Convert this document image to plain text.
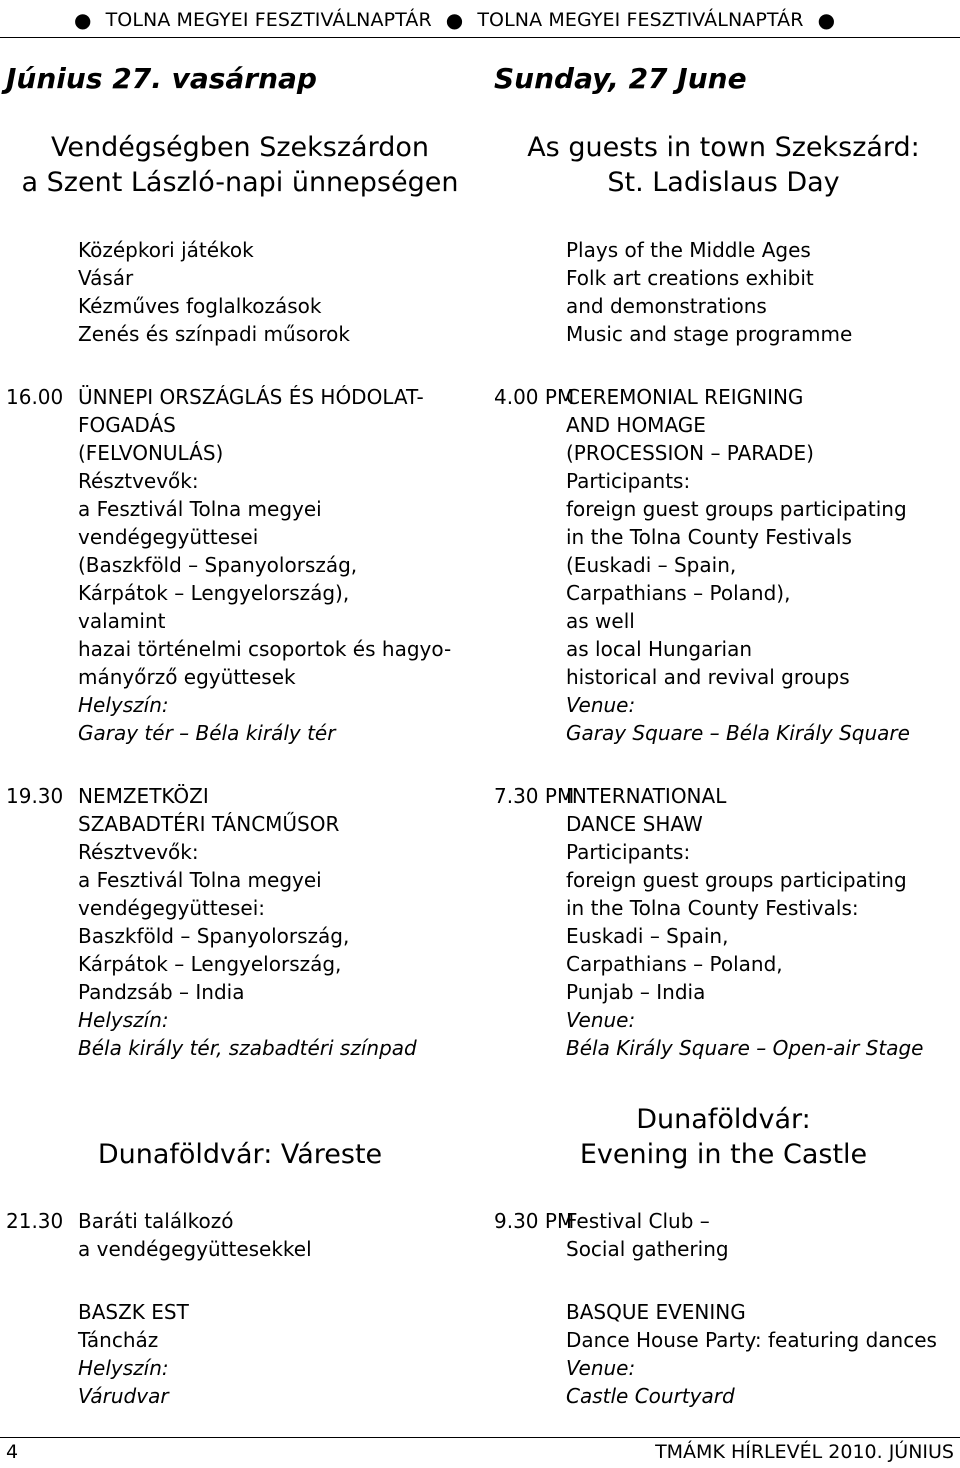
● TOLNA MEGYEI FESZTIVÁLNAPTÁR ● TOLNA MEGYEI FESZTIVÁLNAPTÁR ●
Június 27. vasárnap	Sunday, 27 June
Vendégségben Szekszárdon
a Szent László-napi ünnepségen
As guests in town Szekszárd:
St. Ladislaus Day
Középkori játékok
Vásár
Kézműves foglalkozások
Zenés és színpadi műsorok
Plays of the Middle Ages
Folk art creations exhibit
and demonstrations
Music and stage programme
16.00 ÜNNEPI ORSZÁGLÁS ÉS HÓDOLAT-
FOGADÁS
(FELVONULÁS)
Résztvevők:
a Fesztivál Tolna megyei
vendégegyüttesei
(Baszkföld – Spanyolország,
Kárpátok – Lengyelország),
valamint
hazai történelmi csoportok és hagyo-
mányőrző együttesek
Helyszín:
Garay tér – Béla király tér
4.00 PM
CEREMONIAL REIGNING
AND HOMAGE
(PROCESSION – PARADE)
Participants:
foreign guest groups participating
in the Tolna County Festivals
(Euskadi – Spain,
Carpathians – Poland),
as well
as local Hungarian
historical and revival groups
Venue:
Garay Square – Béla Király Square
19.30 NEMZETKÖZI
SZABADTÉRI TÁNCMŰSOR
Résztvevők:
a Fesztivál Tolna megyei
vendégegyüttesei:
Baszkföld – Spanyolország,
Kárpátok – Lengyelország,
Pandzsáb – India
Helyszín:
Béla király tér, szabadtéri színpad
7.30 PM
INTERNATIONAL
DANCE SHAW
Participants:
foreign guest groups participating
in the Tolna County Festivals:
Euskadi – Spain,
Carpathians – Poland,
Punjab – India
Venue:
Béla Király Square – Open-air Stage
Dunaföldvár: Váreste
Dunaföldvár:
Evening in the Castle
21.30 Baráti találkozó
a vendégegyüttesekkel
9.30 PM
Festival Club –
Social gathering
BASZK EST
Táncház
Helyszín:
Várudvar
BASQUE EVENING
Dance House Party: featuring dances
Venue:
Castle Courtyard
4	TMÁMK HÍRLEVÉL 2010. JÚNIUS
